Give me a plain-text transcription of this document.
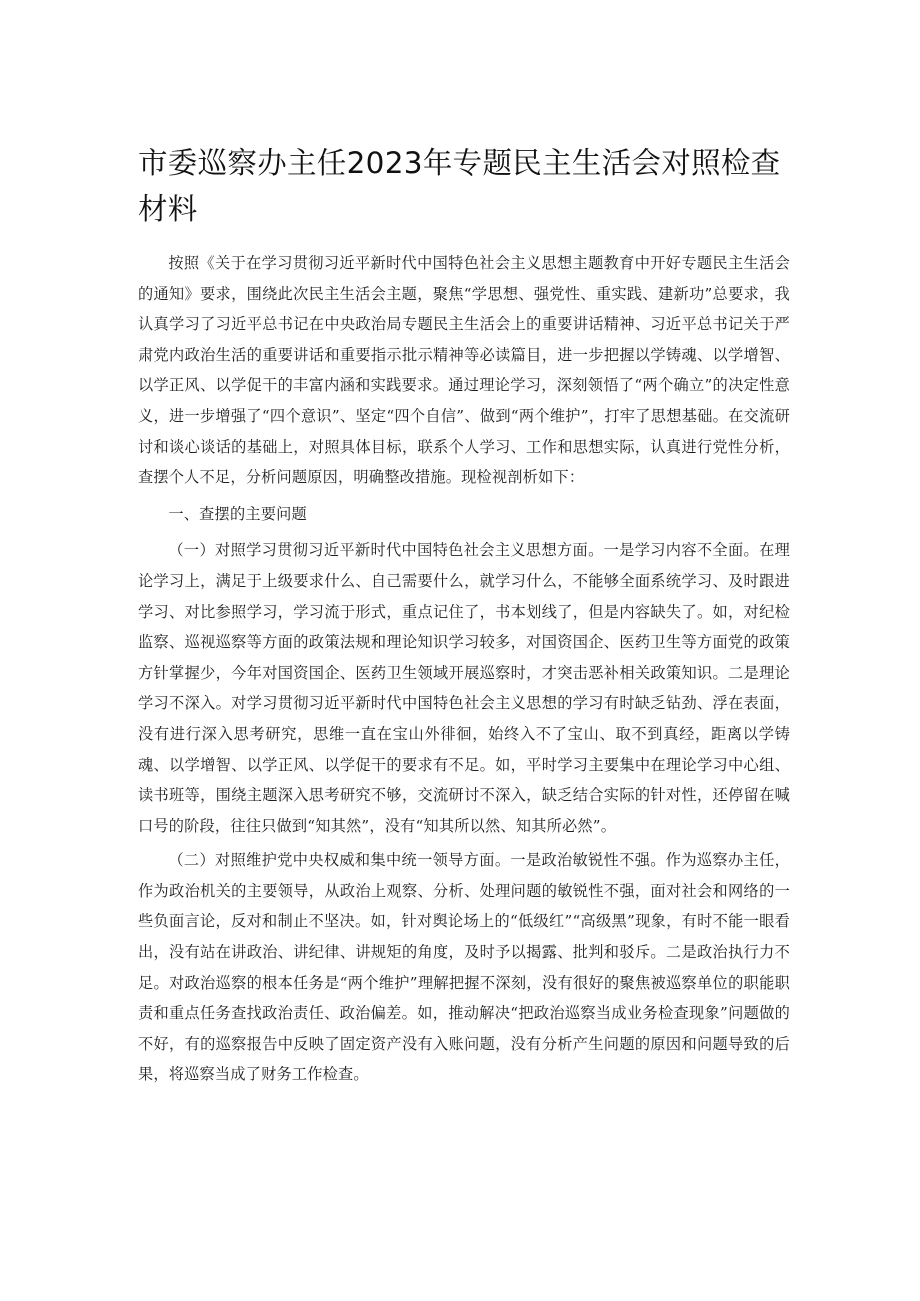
市委巡察办主任2023年专题民主生活会对照检查材料

按照《关于在学习贯彻习近平新时代中国特色社会主义思想主题教育中开好专题民主生活会的通知》要求，围绕此次民主生活会主题，聚焦“学思想、强党性、重实践、建新功”总要求，我认真学习了习近平总书记在中央政治局专题民主生活会上的重要讲话精神、习近平总书记关于严肃党内政治生活的重要讲话和重要指示批示精神等必读篇目，进一步把握以学铸魂、以学增智、以学正风、以学促干的丰富内涵和实践要求。通过理论学习，深刻领悟了“两个确立”的决定性意义，进一步增强了“四个意识”、坚定“四个自信”、做到“两个维护”，打牢了思想基础。在交流研讨和谈心谈话的基础上，对照具体目标，联系个人学习、工作和思想实际，认真进行党性分析，查摆个人不足，分析问题原因，明确整改措施。现检视剖析如下：

一、查摆的主要问题

（一）对照学习贯彻习近平新时代中国特色社会主义思想方面。一是学习内容不全面。在理论学习上，满足于上级要求什么、自己需要什么，就学习什么，不能够全面系统学习、及时跟进学习、对比参照学习，学习流于形式，重点记住了，书本划线了，但是内容缺失了。如，对纪检监察、巡视巡察等方面的政策法规和理论知识学习较多，对国资国企、医药卫生等方面党的政策方针掌握少，今年对国资国企、医药卫生领域开展巡察时，才突击恶补相关政策知识。二是理论学习不深入。对学习贯彻习近平新时代中国特色社会主义思想的学习有时缺乏钻劲、浮在表面，没有进行深入思考研究，思维一直在宝山外徘徊，始终入不了宝山、取不到真经，距离以学铸魂、以学增智、以学正风、以学促干的要求有不足。如，平时学习主要集中在理论学习中心组、读书班等，围绕主题深入思考研究不够，交流研讨不深入，缺乏结合实际的针对性，还停留在喊口号的阶段，往往只做到“知其然”，没有“知其所以然、知其所必然”。

（二）对照维护党中央权威和集中统一领导方面。一是政治敏锐性不强。作为巡察办主任，作为政治机关的主要领导，从政治上观察、分析、处理问题的敏锐性不强，面对社会和网络的一些负面言论，反对和制止不坚决。如，针对舆论场上的“低级红”“高级黑”现象，有时不能一眼看出，没有站在讲政治、讲纪律、讲规矩的角度，及时予以揭露、批判和驳斥。二是政治执行力不足。对政治巡察的根本任务是“两个维护”理解把握不深刻，没有很好的聚焦被巡察单位的职能职责和重点任务查找政治责任、政治偏差。如，推动解决“把政治巡察当成业务检查现象”问题做的不好，有的巡察报告中反映了固定资产没有入账问题，没有分析产生问题的原因和问题导致的后果，将巡察当成了财务工作检查。
